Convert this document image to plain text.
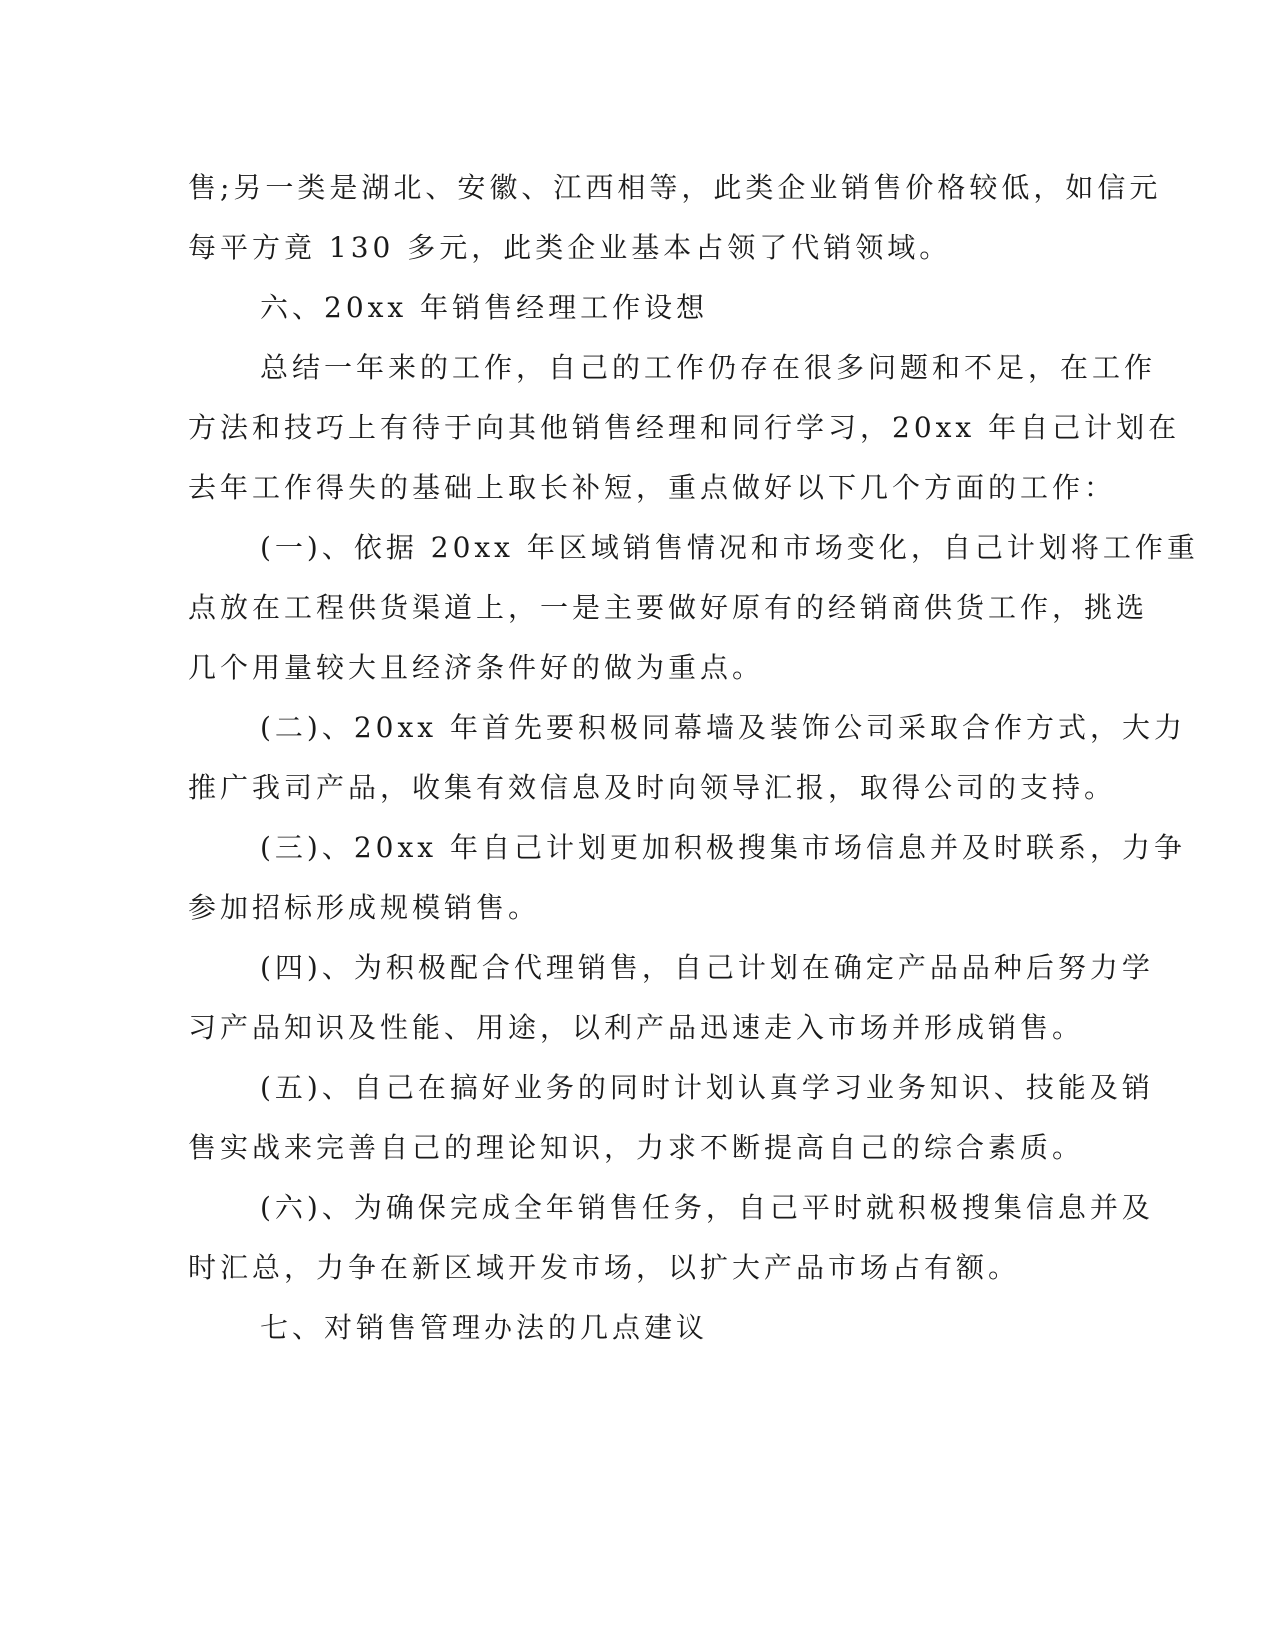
售;另一类是湖北、安徽、江西相等，此类企业销售价格较低，如信元
每平方竟 130 多元，此类企业基本占领了代销领域。
六、20xx 年销售经理工作设想
总结一年来的工作，自己的工作仍存在很多问题和不足，在工作
方法和技巧上有待于向其他销售经理和同行学习，20xx 年自己计划在
去年工作得失的基础上取长补短，重点做好以下几个方面的工作：
(一)、依据 20xx 年区域销售情况和市场变化，自己计划将工作重
点放在工程供货渠道上，一是主要做好原有的经销商供货工作，挑选
几个用量较大且经济条件好的做为重点。
(二)、20xx 年首先要积极同幕墙及装饰公司采取合作方式，大力
推广我司产品，收集有效信息及时向领导汇报，取得公司的支持。
(三)、20xx 年自己计划更加积极搜集市场信息并及时联系，力争
参加招标形成规模销售。
(四)、为积极配合代理销售，自己计划在确定产品品种后努力学
习产品知识及性能、用途，以利产品迅速走入市场并形成销售。
(五)、自己在搞好业务的同时计划认真学习业务知识、技能及销
售实战来完善自己的理论知识，力求不断提高自己的综合素质。
(六)、为确保完成全年销售任务，自己平时就积极搜集信息并及
时汇总，力争在新区域开发市场，以扩大产品市场占有额。
七、对销售管理办法的几点建议
